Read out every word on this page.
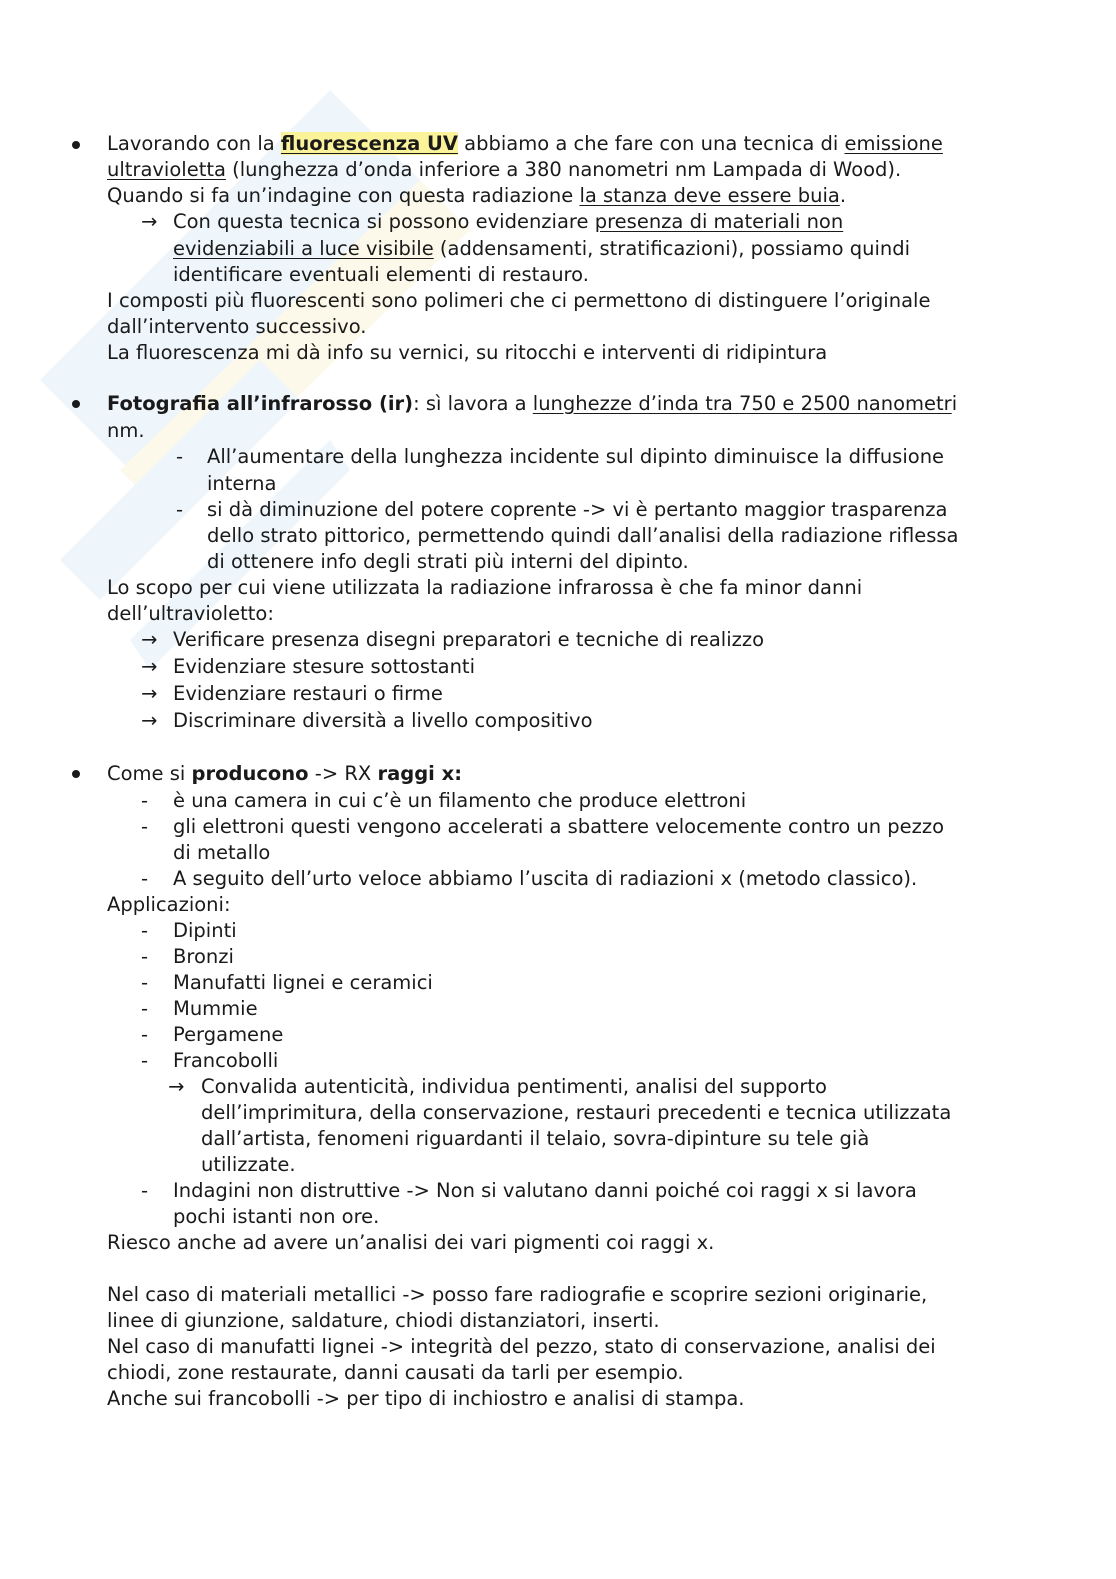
Lavorando con la fluorescenza UV abbiamo a che fare con una tecnica di emissione
ultravioletta (lunghezza d’onda inferiore a 380 nanometri nm Lampada di Wood).
Quando si fa un’indagine con questa radiazione la stanza deve essere buia.
→ Con questa tecnica si possono evidenziare presenza di materiali non
evidenziabili a luce visibile (addensamenti, stratificazioni), possiamo quindi
identificare eventuali elementi di restauro.
I composti più fluorescenti sono polimeri che ci permettono di distinguere l’originale
dall’intervento successivo.
La fluorescenza mi dà info su vernici, su ritocchi e interventi di ridipintura
Fotografia all’infrarosso (ir): sì lavora a lunghezze d’inda tra 750 e 2500 nanometri
nm.
- All’aumentare della lunghezza incidente sul dipinto diminuisce la diffusione
interna
- si dà diminuzione del potere coprente -> vi è pertanto maggior trasparenza
dello strato pittorico, permettendo quindi dall’analisi della radiazione riflessa
di ottenere info degli strati più interni del dipinto.
Lo scopo per cui viene utilizzata la radiazione infrarossa è che fa minor danni
dell’ultravioletto:
→ Verificare presenza disegni preparatori e tecniche di realizzo
→ Evidenziare stesure sottostanti
→ Evidenziare restauri o firme
→ Discriminare diversità a livello compositivo
Come si producono -> RX raggi x:
- è una camera in cui c’è un filamento che produce elettroni
- gli elettroni questi vengono accelerati a sbattere velocemente contro un pezzo
di metallo
- A seguito dell’urto veloce abbiamo l’uscita di radiazioni x (metodo classico).
Applicazioni:
- Dipinti
- Bronzi
- Manufatti lignei e ceramici
- Mummie
- Pergamene
- Francobolli
→ Convalida autenticità, individua pentimenti, analisi del supporto
dell’imprimitura, della conservazione, restauri precedenti e tecnica utilizzata
dall’artista, fenomeni riguardanti il telaio, sovra-dipinture su tele già
utilizzate.
- Indagini non distruttive -> Non si valutano danni poiché coi raggi x si lavora
pochi istanti non ore.
Riesco anche ad avere un’analisi dei vari pigmenti coi raggi x.
Nel caso di materiali metallici -> posso fare radiografie e scoprire sezioni originarie,
linee di giunzione, saldature, chiodi distanziatori, inserti.
Nel caso di manufatti lignei -> integrità del pezzo, stato di conservazione, analisi dei
chiodi, zone restaurate, danni causati da tarli per esempio.
Anche sui francobolli -> per tipo di inchiostro e analisi di stampa.
